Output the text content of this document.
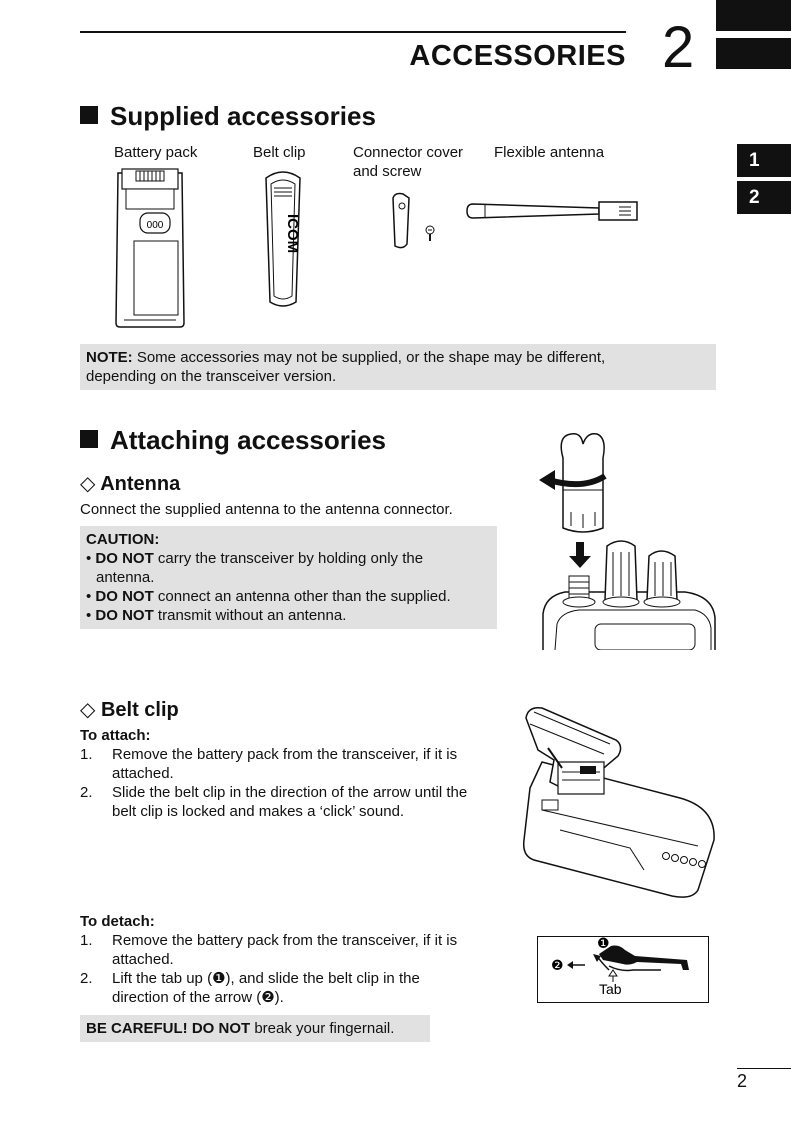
ACCESSORIES 2
1
2
Supplied accessories
Battery pack	Belt clip	Connector cover
and screw
Flexible antenna
000	ICOM
NOTE: Some accessories may not be supplied, or the shape may be different,
depending on the transceiver version.
Attaching accessories
◇ Antenna
Connect the supplied antenna to the antenna connector.
CAUTION:
• DO NOT carry the transceiver by holding only the
antenna.
• DO NOT connect an antenna other than the supplied.
• DO NOT transmit without an antenna.
◇ Belt clip
To attach:
1.	Remove the battery pack from the transceiver, if it is
attached.
2.	Slide the belt clip in the direction of the arrow until the
belt clip is locked and makes a ‘click’ sound.
To detach:
1.	Remove the battery pack from the transceiver, if it is
attached.
2.	Lift the tab up (❶), and slide the belt clip in the
direction of the arrow (❷).
❶
❷
Tab
BE CAREFUL! DO NOT break your fingernail.
2
